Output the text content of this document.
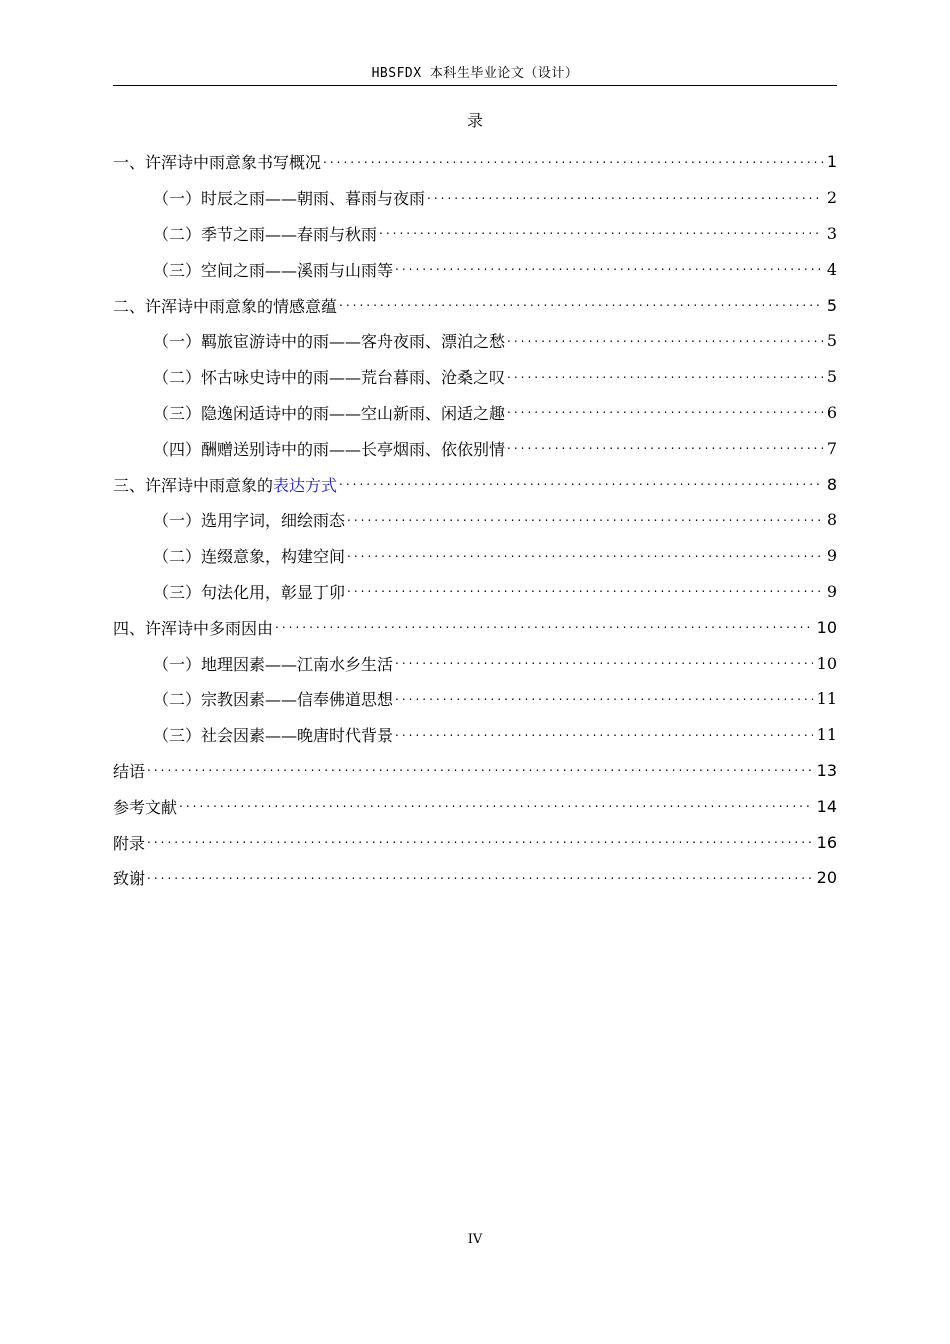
HBSFDX 本科生毕业论文（设计）
录
一、 许浑诗中雨意象书写概况 .....	1
（一） 时辰之雨——朝雨、暮雨与夜雨 .....	2
（二） 季节之雨——春雨与秋雨 .....	3
（三） 空间之雨——溪雨与山雨等 .....	4
二、 许浑诗中雨意象的情感意蕴 .....	5
（一） 羁旅宦游诗中的雨——客舟夜雨、漂泊之愁 .....	5
（二） 怀古咏史诗中的雨——荒台暮雨、沧桑之叹 .....	5
（三） 隐逸闲适诗中的雨——空山新雨、闲适之趣 .....	6
（四） 酬赠送别诗中的雨——长亭烟雨、依依别情 .....	7
三、 许浑诗中雨意象的表达方式 .....	8
（一） 选用字词，细绘雨态 .....	8
（二） 连缀意象，构建空间 .....	9
（三） 句法化用，彰显丁卯 .....	9
四、 许浑诗中多雨因由 .....	10
（一） 地理因素——江南水乡生活 .....	10
（二） 宗教因素——信奉佛道思想 .....	11
（三） 社会因素——晚唐时代背景 .....	11
结语 .....	13
参考文献 .....	14
附录 .....	16
致谢 .....	20
IV
